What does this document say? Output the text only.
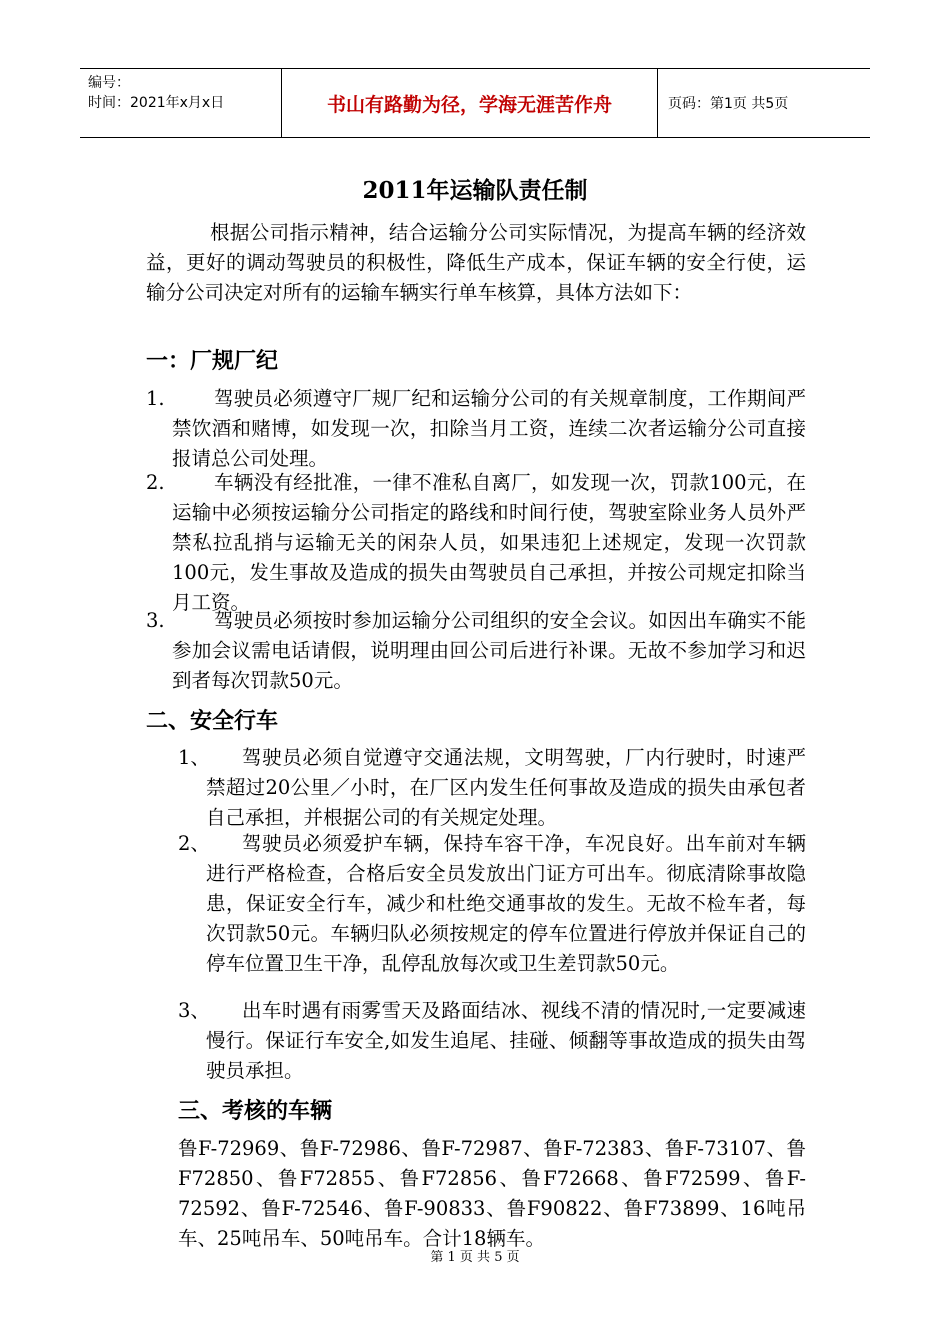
编号：
时间：2021年x月x日	书山有路勤为径，学海无涯苦作舟	页码：第1页 共5页
2011年运输队责任制
根据公司指示精神，结合运输分公司实际情况，为提高车辆的经济效益，更好的调动驾驶员的积极性，降低生产成本，保证车辆的安全行使，运输分公司决定对所有的运输车辆实行单车核算，具体方法如下：
一：厂规厂纪
1.	驾驶员必须遵守厂规厂纪和运输分公司的有关规章制度，工作期间严禁饮酒和赌博，如发现一次，扣除当月工资，连续二次者运输分公司直接报请总公司处理。
2.	车辆没有经批准，一律不准私自离厂，如发现一次，罚款100元，在运输中必须按运输分公司指定的路线和时间行使，驾驶室除业务人员外严禁私拉乱捎与运输无关的闲杂人员，如果违犯上述规定，发现一次罚款100元，发生事故及造成的损失由驾驶员自己承担，并按公司规定扣除当月工资。
3.	驾驶员必须按时参加运输分公司组织的安全会议。如因出车确实不能参加会议需电话请假，说明理由回公司后进行补课。无故不参加学习和迟到者每次罚款50元。
二、安全行车
1、	驾驶员必须自觉遵守交通法规，文明驾驶，厂内行驶时，时速严禁超过20公里／小时，在厂区内发生任何事故及造成的损失由承包者自己承担，并根据公司的有关规定处理。
2、	驾驶员必须爱护车辆，保持车容干净，车况良好。出车前对车辆进行严格检查，合格后安全员发放出门证方可出车。彻底清除事故隐患，保证安全行车，减少和杜绝交通事故的发生。无故不检车者，每次罚款50元。车辆归队必须按规定的停车位置进行停放并保证自己的停车位置卫生干净，乱停乱放每次或卫生差罚款50元。
3、	出车时遇有雨雾雪天及路面结冰、视线不清的情况时,一定要减速慢行。保证行车安全,如发生追尾、挂碰、倾翻等事故造成的损失由驾驶员承担。
三、考核的车辆
鲁F-72969、鲁F-72986、鲁F-72987、鲁F-72383、鲁F-73107、鲁F72850、鲁F72855、鲁F72856、鲁F72668、鲁F72599、鲁F-72592、鲁F-72546、鲁F-90833、鲁F90822、鲁F73899、16吨吊车、25吨吊车、50吨吊车。合计18辆车。
第 1 页 共 5 页
